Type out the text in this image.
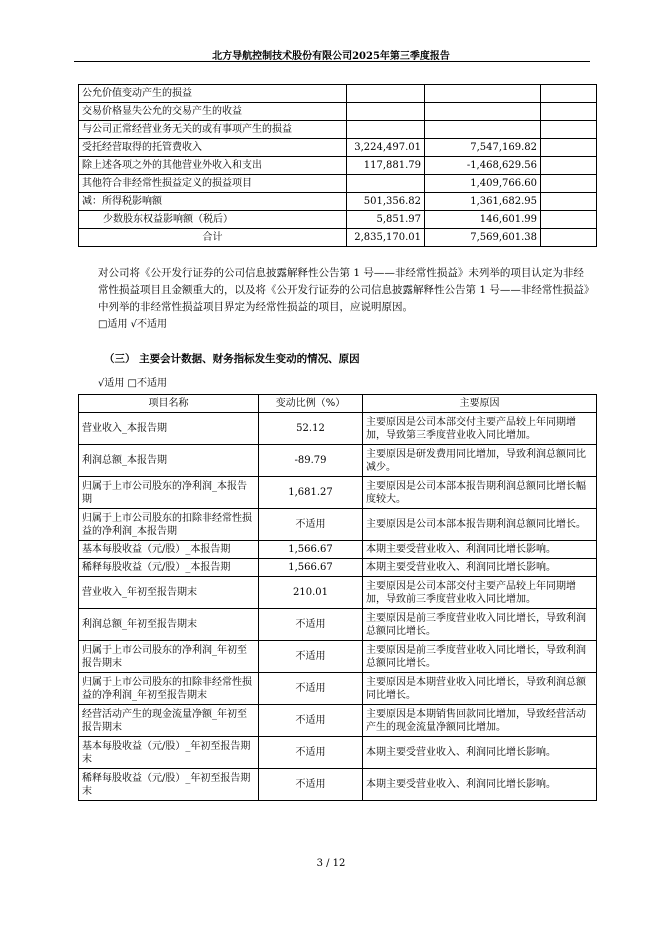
北方导航控制技术股份有限公司2025年第三季度报告
公允价值变动产生的损益			
交易价格显失公允的交易产生的收益			
与公司正常经营业务无关的或有事项产生的损益			
受托经营取得的托管费收入	3,224,497.01	7,547,169.82	
除上述各项之外的其他营业外收入和支出	117,881.79	-1,468,629.56	
其他符合非经常性损益定义的损益项目		1,409,766.60	
减：所得税影响额	501,356.82	1,361,682.95	
少数股东权益影响额（税后）	5,851.97	146,601.99	
合计	2,835,170.01	7,569,601.38	
对公司将《公开发行证券的公司信息披露解释性公告第 1 号——非经常性损益》未列举的项目认定为非经常性损益项目且金额重大的，以及将《公开发行证券的公司信息披露解释性公告第 1 号——非经常性损益》中列举的非经常性损益项目界定为经常性损益的项目，应说明原因。
□适用 √不适用
（三） 主要会计数据、财务指标发生变动的情况、原因
√适用 □不适用
项目名称	变动比例（%）	主要原因
营业收入_本报告期	52.12	主要原因是公司本部交付主要产品较上年同期增加，导致第三季度营业收入同比增加。
利润总额_本报告期	-89.79	主要原因是研发费用同比增加，导致利润总额同比减少。
归属于上市公司股东的净利润_本报告期	1,681.27	主要原因是公司本部本报告期利润总额同比增长幅度较大。
归属于上市公司股东的扣除非经常性损益的净利润_本报告期	不适用	主要原因是公司本部本报告期利润总额同比增长。
基本每股收益（元/股）_本报告期	1,566.67	本期主要受营业收入、利润同比增长影响。
稀释每股收益（元/股）_本报告期	1,566.67	本期主要受营业收入、利润同比增长影响。
营业收入_年初至报告期末	210.01	主要原因是公司本部交付主要产品较上年同期增加，导致前三季度营业收入同比增加。
利润总额_年初至报告期末	不适用	主要原因是前三季度营业收入同比增长，导致利润总额同比增长。
归属于上市公司股东的净利润_年初至报告期末	不适用	主要原因是前三季度营业收入同比增长，导致利润总额同比增长。
归属于上市公司股东的扣除非经常性损益的净利润_年初至报告期末	不适用	主要原因是本期营业收入同比增长，导致利润总额同比增长。
经营活动产生的现金流量净额_年初至报告期末	不适用	主要原因是本期销售回款同比增加，导致经营活动产生的现金流量净额同比增加。
基本每股收益（元/股）_年初至报告期末	不适用	本期主要受营业收入、利润同比增长影响。
稀释每股收益（元/股）_年初至报告期末	不适用	本期主要受营业收入、利润同比增长影响。
3 / 12
